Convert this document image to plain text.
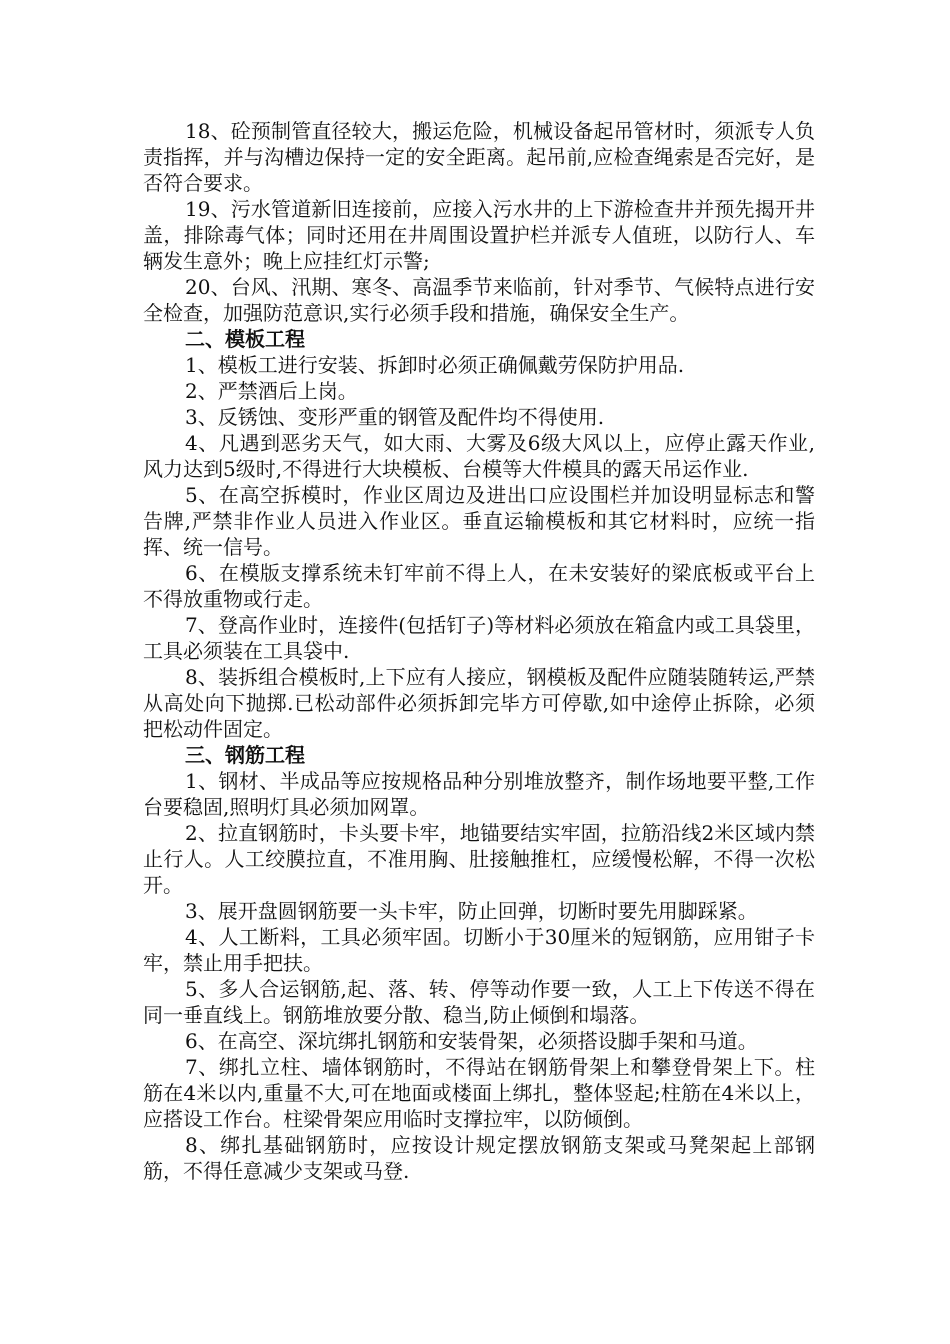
18、砼预制管直径较大，搬运危险，机械设备起吊管材时，须派专人负责指挥，并与沟槽边保持一定的安全距离。起吊前,应检查绳索是否完好，是否符合要求。

19、污水管道新旧连接前，应接入污水井的上下游检查井并预先揭开井盖，排除毒气体；同时还用在井周围设置护栏并派专人值班，以防行人、车辆发生意外；晚上应挂红灯示警;

20、台风、汛期、寒冬、高温季节来临前，针对季节、气候特点进行安全检查，加强防范意识,实行必须手段和措施，确保安全生产。

二、模板工程

1、模板工进行安装、拆卸时必须正确佩戴劳保防护用品.

2、严禁酒后上岗。

3、反锈蚀、变形严重的钢管及配件均不得使用.

4、凡遇到恶劣天气，如大雨、大雾及6级大风以上，应停止露天作业,风力达到5级时,不得进行大块模板、台模等大件模具的露天吊运作业.

5、在高空拆模时，作业区周边及进出口应设围栏并加设明显标志和警告牌,严禁非作业人员进入作业区。垂直运输模板和其它材料时，应统一指挥、统一信号。

6、在模版支撑系统未钉牢前不得上人，在未安装好的梁底板或平台上不得放重物或行走。

7、登高作业时，连接件(包括钉子)等材料必须放在箱盒内或工具袋里，工具必须装在工具袋中.

8、装拆组合模板时,上下应有人接应，钢模板及配件应随装随转运,严禁从高处向下抛掷.已松动部件必须拆卸完毕方可停歇,如中途停止拆除，必须把松动件固定。

三、钢筋工程

1、钢材、半成品等应按规格品种分别堆放整齐，制作场地要平整,工作台要稳固,照明灯具必须加网罩。

2、拉直钢筋时，卡头要卡牢，地锚要结实牢固，拉筋沿线2米区域内禁止行人。人工绞膜拉直，不准用胸、肚接触推杠，应缓慢松解，不得一次松开。

3、展开盘圆钢筋要一头卡牢，防止回弹，切断时要先用脚踩紧。

4、人工断料，工具必须牢固。切断小于30厘米的短钢筋，应用钳子卡牢，禁止用手把扶。

5、多人合运钢筋,起、落、转、停等动作要一致，人工上下传送不得在同一垂直线上。钢筋堆放要分散、稳当,防止倾倒和塌落。

6、在高空、深坑绑扎钢筋和安装骨架，必须搭设脚手架和马道。

7、绑扎立柱、墙体钢筋时，不得站在钢筋骨架上和攀登骨架上下。柱筋在4米以内,重量不大,可在地面或楼面上绑扎，整体竖起;柱筋在4米以上，应搭设工作台。柱梁骨架应用临时支撑拉牢，以防倾倒。

8、绑扎基础钢筋时，应按设计规定摆放钢筋支架或马凳架起上部钢筋，不得任意减少支架或马登.
